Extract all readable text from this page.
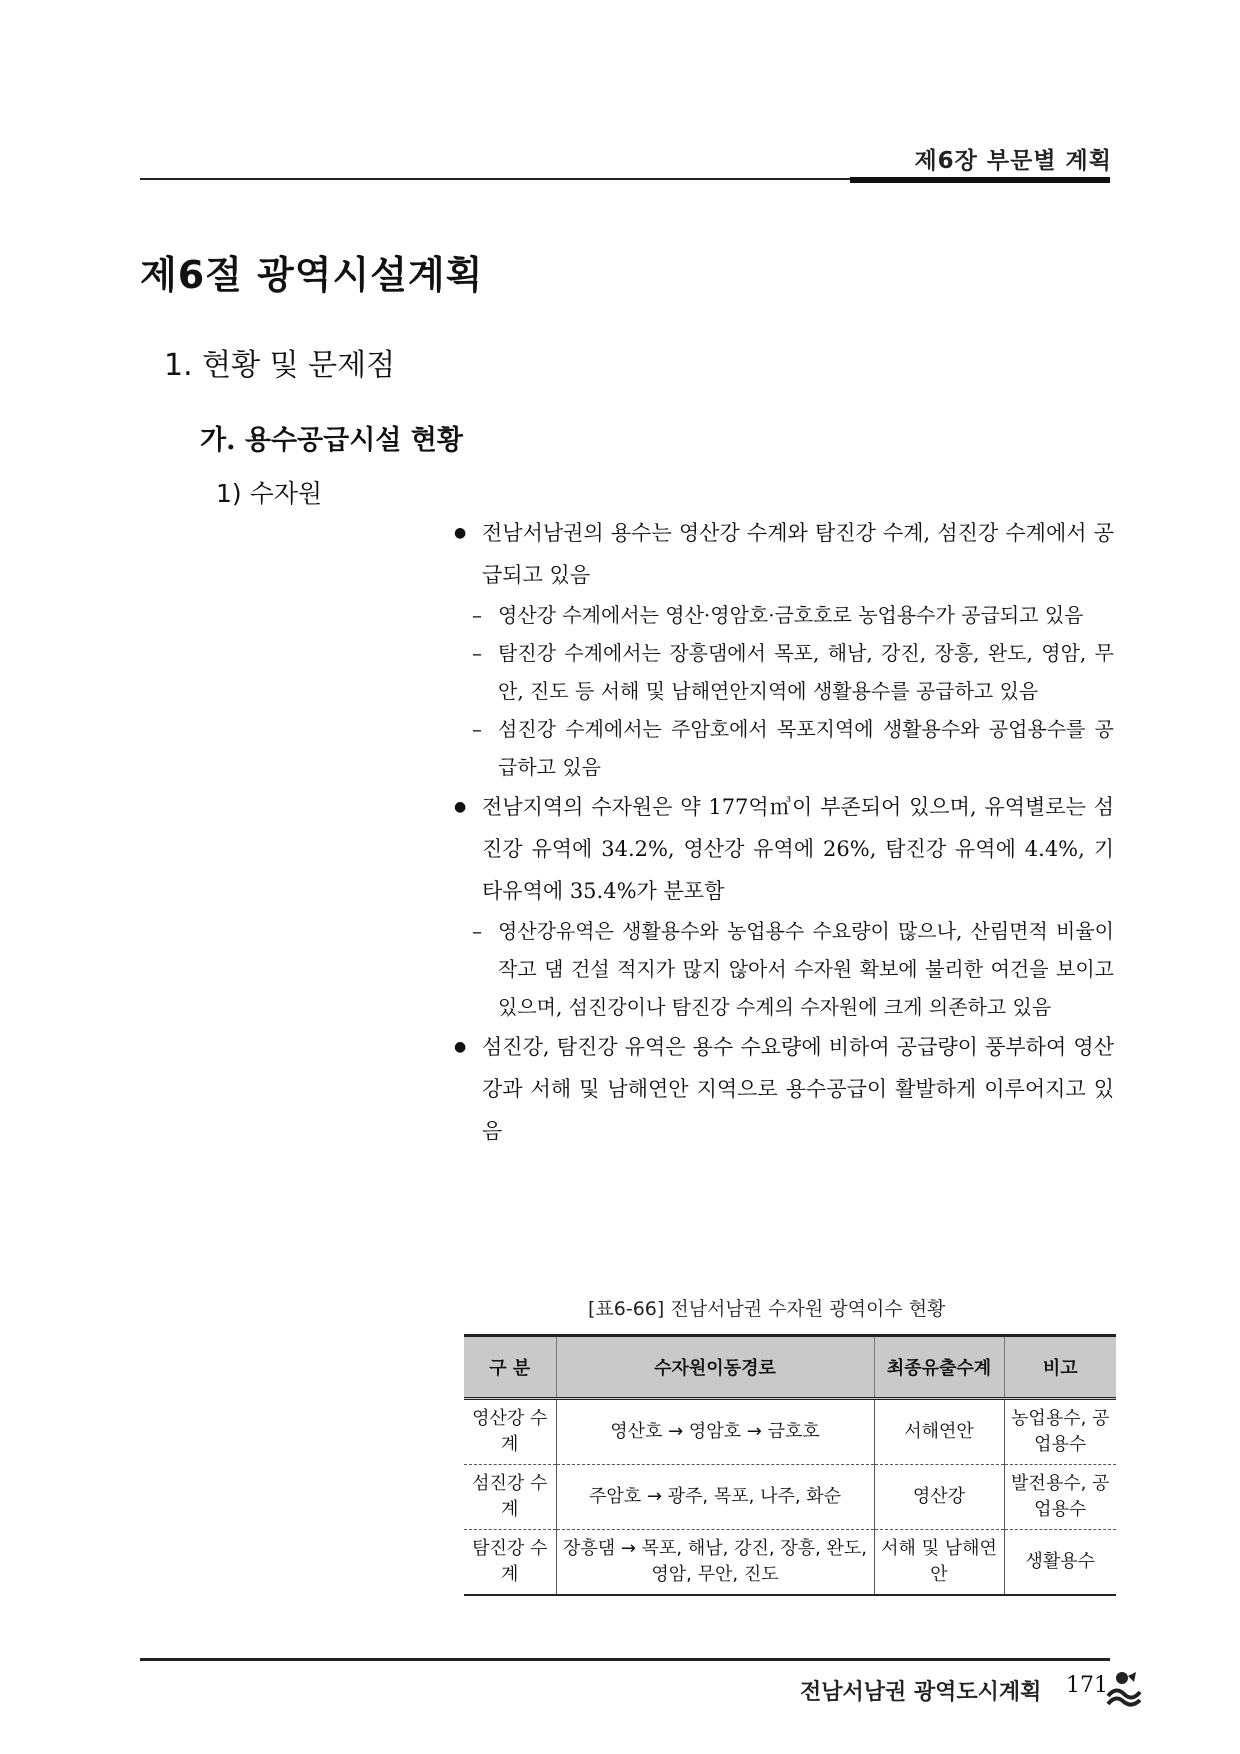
제6장 부문별 계획
제6절 광역시설계획
1. 현황 및 문제점
가. 용수공급시설 현황
1) 수자원
● 전남서남권의 용수는 영산강 수계와 탐진강 수계, 섬진강 수계에서 공급되고 있음
– 영산강 수계에서는 영산·영암호·금호호로 농업용수가 공급되고 있음
– 탐진강 수계에서는 장흥댐에서 목포, 해남, 강진, 장흥, 완도, 영암, 무안, 진도 등 서해 및 남해연안지역에 생활용수를 공급하고 있음
– 섬진강 수계에서는 주암호에서 목포지역에 생활용수와 공업용수를 공급하고 있음
● 전남지역의 수자원은 약 177억㎥이 부존되어 있으며, 유역별로는 섬진강 유역에 34.2%, 영산강 유역에 26%, 탐진강 유역에 4.4%, 기타유역에 35.4%가 분포함
– 영산강유역은 생활용수와 농업용수 수요량이 많으나, 산림면적 비율이 작고 댐 건설 적지가 많지 않아서 수자원 확보에 불리한 여건을 보이고 있으며, 섬진강이나 탐진강 수계의 수자원에 크게 의존하고 있음
● 섬진강, 탐진강 유역은 용수 수요량에 비하여 공급량이 풍부하여 영산강과 서해 및 남해연안 지역으로 용수공급이 활발하게 이루어지고 있음
[표6-66] 전남서남권 수자원 광역이수 현황
구 분	수자원이동경로	최종유출수계	비고
영산강 수계	영산호 → 영암호 → 금호호	서해연안	농업용수, 공업용수
섬진강 수계	주암호 → 광주, 목포, 나주, 화순	영산강	발전용수, 공업용수
탐진강 수계	장흥댐 → 목포, 해남, 강진, 장흥, 완도, 영암, 무안, 진도	서해 및 남해연안	생활용수
전남서남권 광역도시계획 171
